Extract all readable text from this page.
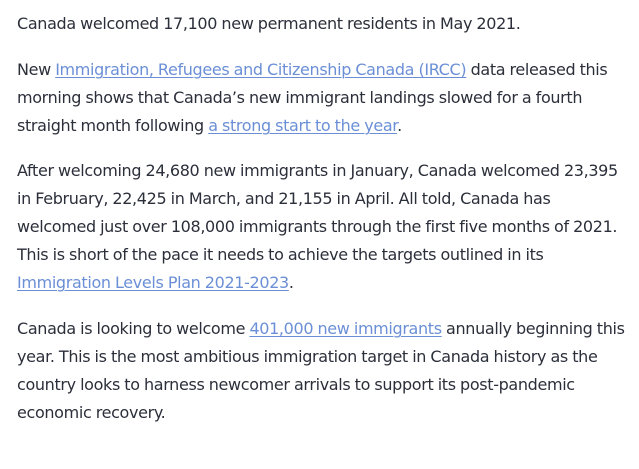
Canada welcomed 17,100 new permanent residents in May 2021.

New Immigration, Refugees and Citizenship Canada (IRCC) data released this morning shows that Canada’s new immigrant landings slowed for a fourth straight month following a strong start to the year.

After welcoming 24,680 new immigrants in January, Canada welcomed 23,395 in February, 22,425 in March, and 21,155 in April. All told, Canada has welcomed just over 108,000 immigrants through the first five months of 2021. This is short of the pace it needs to achieve the targets outlined in its Immigration Levels Plan 2021-2023.

Canada is looking to welcome 401,000 new immigrants annually beginning this year. This is the most ambitious immigration target in Canada history as the country looks to harness newcomer arrivals to support its post-pandemic economic recovery.
